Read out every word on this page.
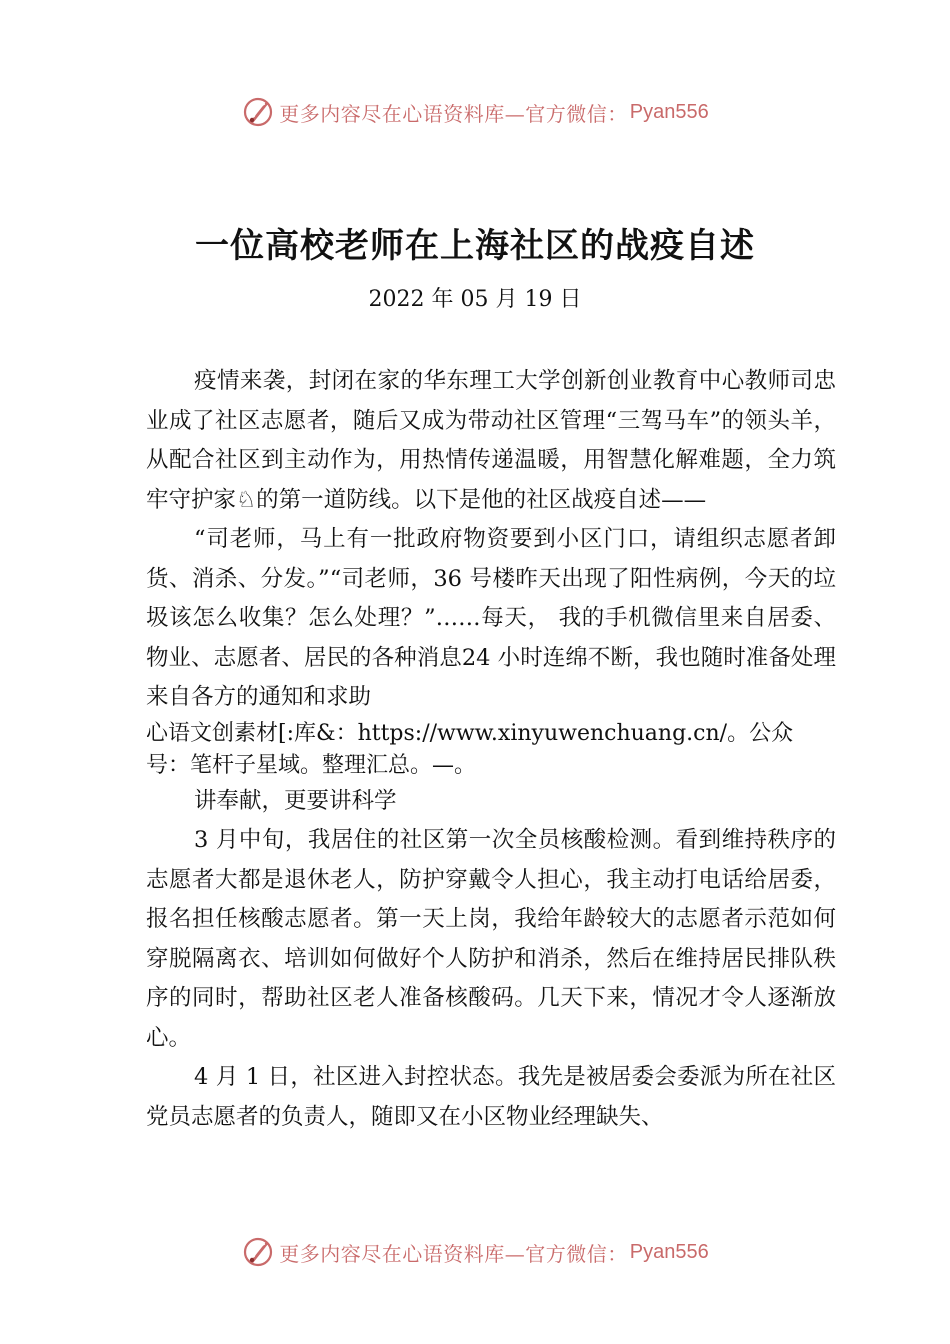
更多内容尽在心语资料库—官方微信： Pyan556
一位高校老师在上海社区的战疫自述
2022 年 05 月 19 日

疫情来袭，封闭在家的华东理工大学创新创业教育中心教师司忠业成了社区志愿者，随后又成为带动社区管理“三驾马车”的领头羊，从配合社区到主动作为，用热情传递温暖，用智慧化解难题，全力筑牢守护家♘的第一道防线。以下是他的社区战疫自述——

“司老师，马上有一批政府物资要到小区门口，请组织志愿者卸货、消杀、分发。”“司老师，36 号楼昨天出现了阳性病例，今天的垃圾该怎么收集？怎么处理？”……每天， 我的手机微信里来自居委、物业、志愿者、居民的各种消息24 小时连绵不断，我也随时准备处理来自各方的通知和求助

心语文创素材[:库&：https://www.xinyuwenchuang.cn/。公众号：笔杆子星域。整理汇总。—。

讲奉献，更要讲科学

3 月中旬，我居住的社区第一次全员核酸检测。看到维持秩序的志愿者大都是退休老人，防护穿戴令人担心，我主动打电话给居委，报名担任核酸志愿者。第一天上岗，我给年龄较大的志愿者示范如何穿脱隔离衣、培训如何做好个人防护和消杀，然后在维持居民排队秩序的同时，帮助社区老人准备核酸码。几天下来，情况才令人逐渐放心。

4 月 1 日，社区进入封控状态。我先是被居委会委派为所在社区党员志愿者的负责人，随即又在小区物业经理缺失、

更多内容尽在心语资料库—官方微信： Pyan556
